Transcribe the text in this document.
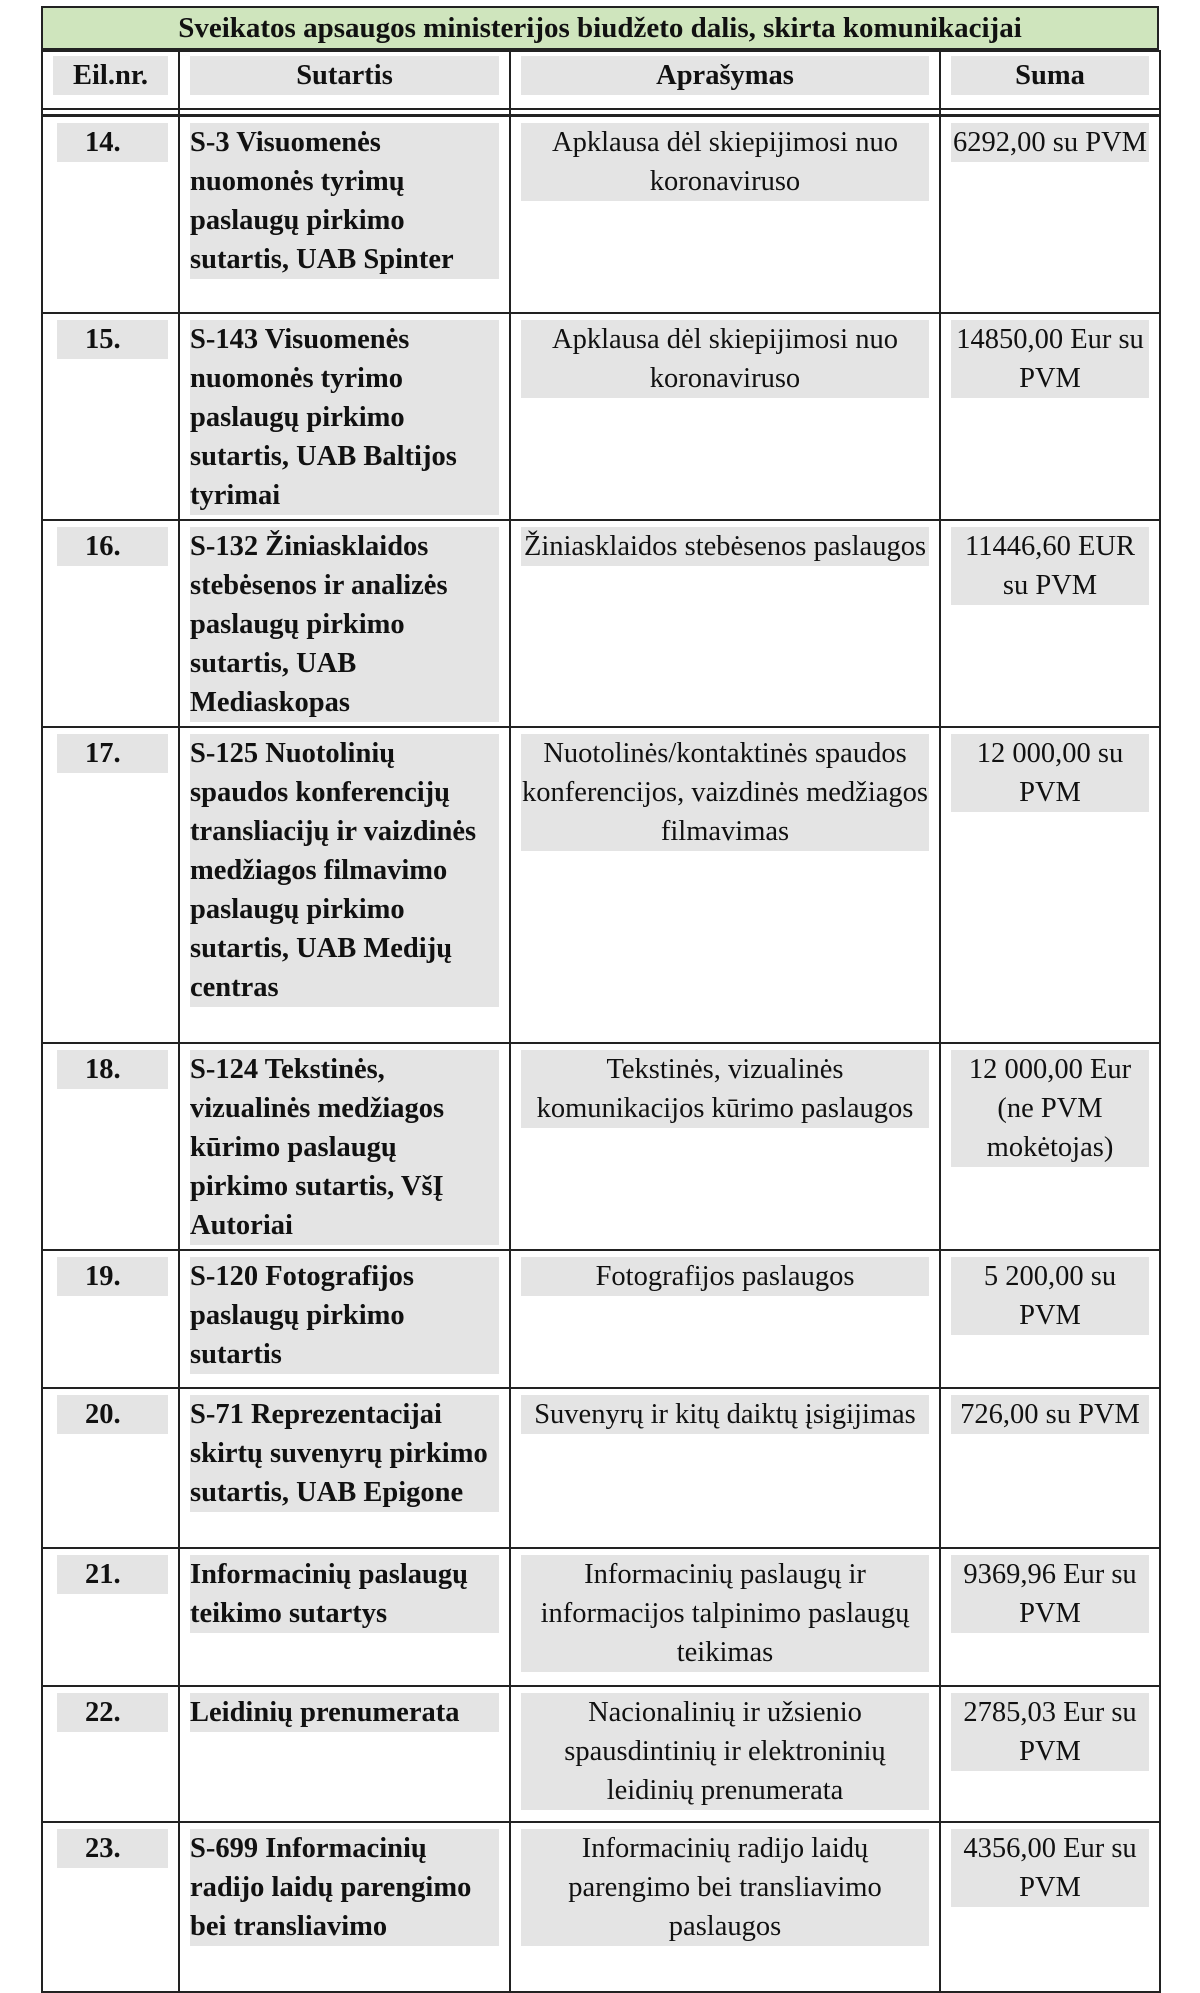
Sveikatos apsaugos ministerijos biudžeto dalis, skirta komunikacijai
Eil.nr.	Sutartis	Aprašymas	Suma

14.	S-3 Visuomenės nuomonės tyrimų paslaugų pirkimo sutartis, UAB Spinter	Apklausa dėl skiepijimosi nuo koronaviruso	6292,00 su PVM

15.	S-143 Visuomenės nuomonės tyrimo paslaugų pirkimo sutartis, UAB Baltijos tyrimai	Apklausa dėl skiepijimosi nuo koronaviruso	14850,00 Eur su PVM

16.	S-132 Žiniasklaidos stebėsenos ir analizės paslaugų pirkimo sutartis, UAB Mediaskopas	Žiniasklaidos stebėsenos paslaugos	11446,60 EUR su PVM

17.	S-125 Nuotolinių spaudos konferencijų transliacijų ir vaizdinės medžiagos filmavimo paslaugų pirkimo sutartis, UAB Medijų centras	Nuotolinės/kontaktinės spaudos konferencijos, vaizdinės medžiagos filmavimas	12 000,00 su PVM

18.	S-124 Tekstinės, vizualinės medžiagos kūrimo paslaugų pirkimo sutartis, VšĮ Autoriai	Tekstinės, vizualinės komunikacijos kūrimo paslaugos	12 000,00 Eur (ne PVM mokėtojas)

19.	S-120 Fotografijos paslaugų pirkimo sutartis	Fotografijos paslaugos	5 200,00 su PVM

20.	S-71 Reprezentacijai skirtų suvenyrų pirkimo sutartis, UAB Epigone	Suvenyrų ir kitų daiktų įsigijimas	726,00 su PVM

21.	Informacinių paslaugų teikimo sutartys	Informacinių paslaugų ir informacijos talpinimo paslaugų teikimas	9369,96 Eur su PVM

22.	Leidinių prenumerata	Nacionalinių ir užsienio spausdintinių ir elektroninių leidinių prenumerata	2785,03 Eur su PVM

23.	S-699 Informacinių radijo laidų parengimo bei transliavimo	Informacinių radijo laidų parengimo bei transliavimo paslaugos	4356,00 Eur su PVM
